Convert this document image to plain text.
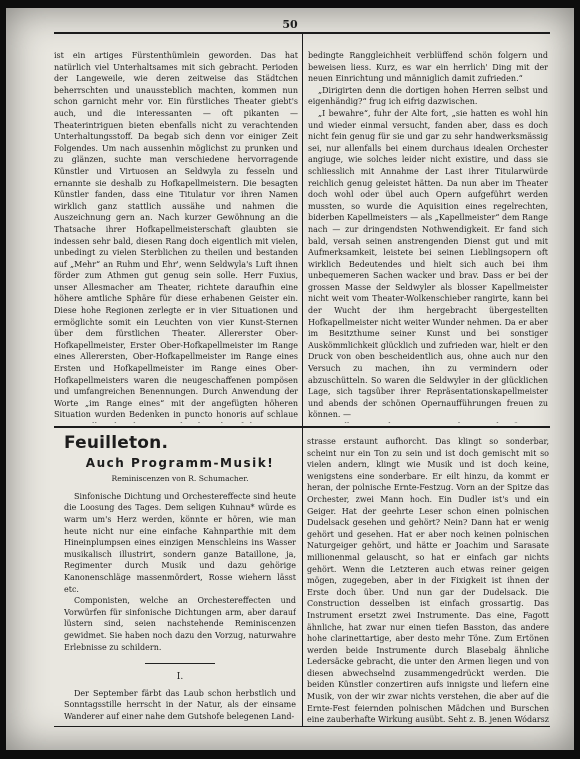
50

ist ein artiges Fürstenthümlein geworden. Das hat natürlich viel Unterhaltsames mit sich gebracht. Perioden der Langeweile, wie deren zeitweise das Städtchen beherrschten und unaussteblich machten, kommen nun schon garnicht mehr vor. Ein fürstliches Theater giebt's auch, und die interessanten — oft pikanten — Theaterintriguen bieten ebenfalls nicht zu verachtenden Unterhaltungsstoff. Da begab sich denn vor einiger Zeit Folgendes. Um nach aussenhin möglichst zu prunken und zu glänzen, suchte man verschiedene hervorragende Künstler und Virtuosen an Seldwyla zu fesseln und ernannte sie deshalb zu Hofkapellmeistern. Die besagten Künstler fanden, dass eine Titulatur vor ihren Namen wirklich ganz stattlich aussähe und nahmen die Auszeichnung gern an. Nach kurzer Gewöhnung an die Thatsache ihrer Hofkapellmeisterschaft glaubten sie indessen sehr bald, diesen Rang doch eigentlich mit vielen, unbedingt zu vielen Sterblichen zu theilen und bestanden auf „Mehr“ an Ruhm und Ehr', wenn Seldwyla's Luft ihnen förder zum Athmen gut genug sein solle. Herr Fuxius, unser Allesmacher am Theater, richtete daraufhin eine höhere amtliche Sphäre für diese erhabenen Geister ein. Diese hohe Regionen zerlegte er in vier Situationen und ermöglichte somit ein Leuchten von vier Kunst-Sternen über dem fürstlichen Theater. Allererster Ober-Hofkapellmeister, Erster Ober-Hofkapellmeister im Range eines Allerersten, Ober-Hofkapellmeister im Range eines Ersten und Hofkapellmeister im Range eines Ober-Hofkapellmeisters waren die neugeschaffenen pompösen und umfangreichen Benennungen. Durch Anwendung der Worte „im Range eines“ mit der angefügten höheren Situation wurden Bedenken in puncto honoris auf schlaue

bedingte Ranggleichheit verblüffend schön folgern und beweisen liess. Kurz, es war ein herrlich' Ding mit der neuen Einrichtung und männiglich damit zufrieden.“

„Dirigirten denn die dortigen hohen Herren selbst und eigenhändig?“ frug ich eifrig dazwischen.

„I bewahre“, fuhr der Alte fort, „sie hatten es wohl hin und wieder einmal versucht, fanden aber, dass es doch nicht fein genug für sie und gar zu sehr handwerksmässig sei, nur allenfalls bei einem durchaus idealen Orchester angiuge, wie solches leider nicht existire, und dass sie schliesslich mit Annahme der Last ihrer Titularwürde reichlich genug geleistet hätten. Da nun aber im Theater doch wohl oder übel auch Opern aufgeführt werden mussten, so wurde die Aquisition eines regelrechten, biderben Kapellmeisters — als „Kapellmeister“ dem Range nach — zur dringendsten Nothwendigkeit. Er fand sich bald, versah seinen anstrengenden Dienst gut und mit Aufmerksamkeit, leistete bei seinen Lieblingsopern oft wirklich Bedeutendes und hielt sich auch bei ihm unbequemeren Sachen wacker und brav. Dass er bei der grossen Masse der Seldwyler als blosser Kapellmeister nicht weit vom Theater-Wolkenschieber rangirte, kann bei der Wucht der ihm hergebracht übergestellten Hofkapellmeister nicht weiter Wunder nehmen. Da er aber im Besitzthume seiner Kunst und bei sonstiger Auskömmlichkeit glücklich und zufrieden war, hielt er den Druck von oben bescheidentlich aus, ohne auch nur den Versuch zu machen, ihn zu vermindern oder abzuschütteln. So waren die Seldwyler in der glücklichen Lage, sich tagsüber ihrer Repräsentationskapellmeister und abends der schönen Opernaufführungen freuen zu können. —

Feuilleton.
Auch Programm-Musik!
Reminiscenzen von R. Schumacher.

Sinfonische Dichtung und Orchestereffecte sind heute die Loosung des Tages. Dem seligen Kuhnau* würde es warm um's Herz werden, könnte er hören, wie man heute nicht nur eine einfache Kahnparthie mit dem Hineinplumpsen eines einzigen Menschleins ins Wasser musikalisch illustrirt, sondern ganze Bataillone, ja, Regimenter durch Musik und dazu gehörige Kanonenschläge massenmördert, Rosse wiehern lässt etc.

Componisten, welche an Orchestereffecten und Vorwürfen für sinfonische Dichtungen arm, aber darauf lüstern sind, seien nachstehende Reminiscenzen gewidmet. Sie haben noch dazu den Vorzug, naturwahre Erlebnisse zu schildern.

I.

Der September färbt das Laub schon herbstlich und Sonntagsstille herrscht in der Natur, als der einsame Wanderer auf einer nahe dem Gutshofe belegenen Land-

strasse erstaunt aufhorcht. Das klingt so sonderbar, scheint nur ein Ton zu sein und ist doch gemischt mit so vielen andern, klingt wie Musik und ist doch keine, wenigstens eine sonderbare. Er eilt hinzu, da kommt er heran, der polnische Ernte-Festzug. Vorn an der Spitze das Orchester, zwei Mann hoch. Ein Dudler ist's und ein Geiger. Hat der geehrte Leser schon einen polnischen Dudelsack gesehen und gehört? Nein? Dann hat er wenig gehört und gesehen. Hat er aber noch keinen polnischen Naturgeiger gehört, und hätte er Joachim und Sarasate millionenmal gelauscht, so hat er einfach gar nichts gehört. Wenn die Letzteren auch etwas reiner geigen mögen, zugegeben, aber in der Fixigkeit ist ihnen der Erste doch über. Und nun gar der Dudelsack. Die Construction desselben ist einfach grossartig. Das Instrument ersetzt zwei Instrumente. Das eine, Fagott ähnliche, hat zwar nur einen tiefen Basston, das andere hohe clarinettartige, aber desto mehr Töne. Zum Ertönen werden beide Instrumente durch Blasebalg ähnliche Ledersäcke gebracht, die unter den Armen liegen und von diesen abwechselnd zusammengedrückt werden. Die beiden Künstler conzertiren aufs innigste und liefern eine Musik, von der wir zwar nichts verstehen, die aber auf die Ernte-Fest feiernden polnischen Mädchen und Burschen eine zauberhafte Wirkung ausübt. Seht z. B. jenen Wódarsz
